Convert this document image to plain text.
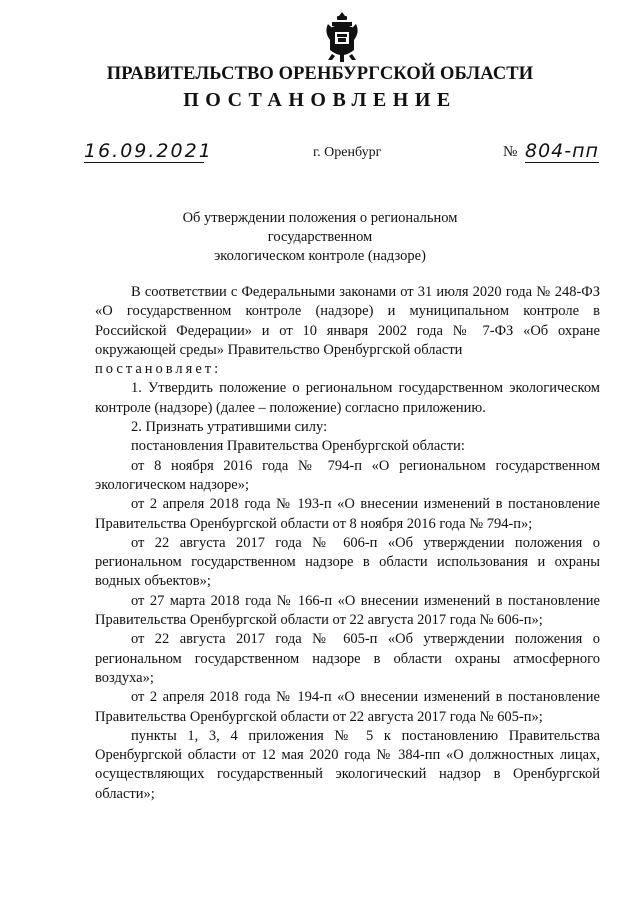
ПРАВИТЕЛЬСТВО ОРЕНБУРГСКОЙ ОБЛАСТИ
ПОСТАНОВЛЕНИЕ
16.09.2021	г. Оренбург	№ 804-пп
Об утверждении положения о региональном государственном
экологическом контроле (надзоре)

В соответствии с Федеральными законами от 31 июля 2020 года № 248-ФЗ «О государственном контроле (надзоре) и муниципальном контроле в Российской Федерации» и от 10 января 2002 года № 7-ФЗ «Об охране окружающей среды» Правительство Оренбургской области

постановляет:

1. Утвердить положение о региональном государственном экологическом контроле (надзоре) (далее – положение) согласно приложению.

2. Признать утратившими силу:

постановления Правительства Оренбургской области:

от 8 ноября 2016 года № 794-п «О региональном государственном экологическом надзоре»;

от 2 апреля 2018 года № 193-п «О внесении изменений в постановление Правительства Оренбургской области от 8 ноября 2016 года № 794-п»;

от 22 августа 2017 года № 606-п «Об утверждении положения о региональном государственном надзоре в области использования и охраны водных объектов»;

от 27 марта 2018 года № 166-п «О внесении изменений в постановление Правительства Оренбургской области от 22 августа 2017 года № 606-п»;

от 22 августа 2017 года № 605-п «Об утверждении положения о региональном государственном надзоре в области охраны атмосферного воздуха»;

от 2 апреля 2018 года № 194-п «О внесении изменений в постановление Правительства Оренбургской области от 22 августа 2017 года № 605-п»;

пункты 1, 3, 4 приложения № 5 к постановлению Правительства Оренбургской области от 12 мая 2020 года № 384-пп «О должностных лицах, осуществляющих государственный экологический надзор в Оренбургской области»;
